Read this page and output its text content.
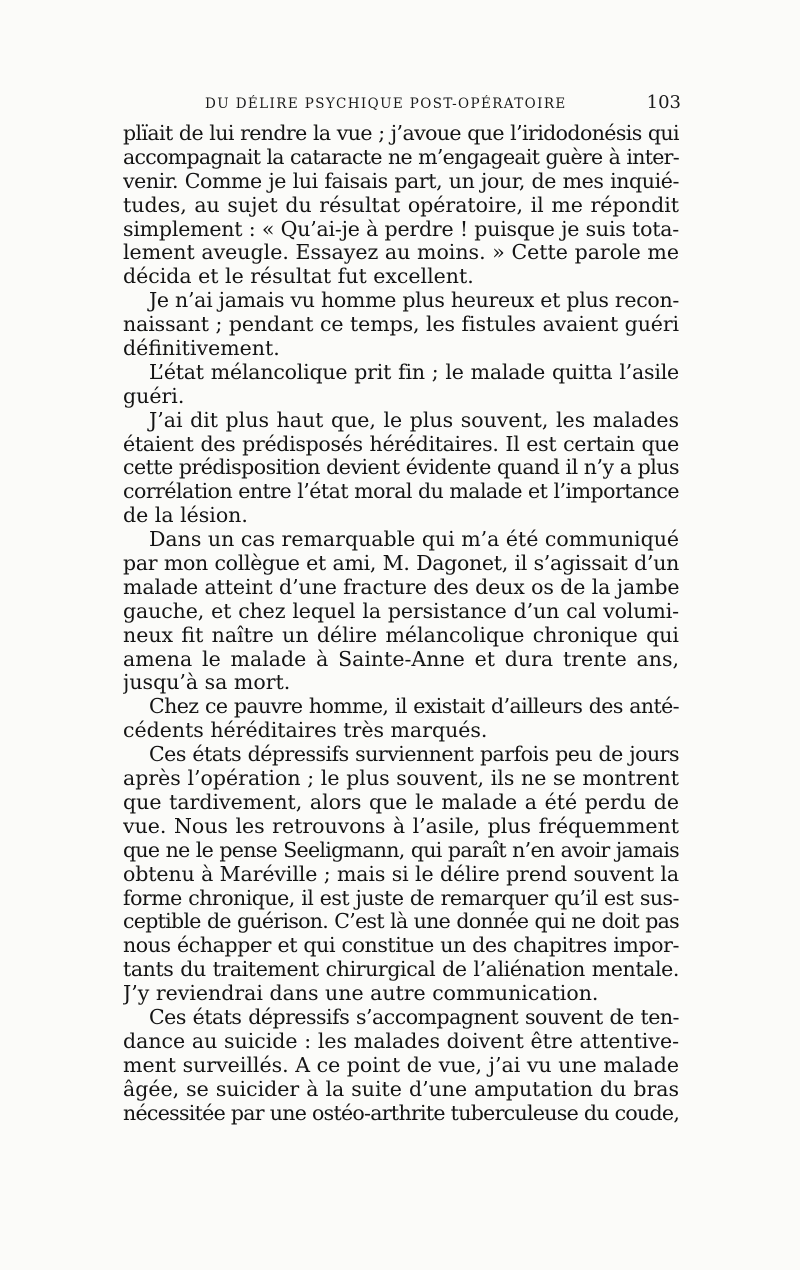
DU DÉLIRE PSYCHIQUE POST-OPÉRATOIRE	103
plïait de lui rendre la vue ; j’avoue que l’iridodonésis qui
accompagnait la cataracte ne m’engageait guère à inter-
venir. Comme je lui faisais part, un jour, de mes inquié-
tudes, au sujet du résultat opératoire, il me répondit
simplement : « Qu’ai-je à perdre ! puisque je suis tota-
lement aveugle. Essayez au moins. » Cette parole me
décida et le résultat fut excellent.
Je n’ai jamais vu homme plus heureux et plus recon-
naissant ; pendant ce temps, les fistules avaient guéri
définitivement.
L’état mélancolique prit fin ; le malade quitta l’asile
guéri.
J’ai dit plus haut que, le plus souvent, les malades
étaient des prédisposés héréditaires. Il est certain que
cette prédisposition devient évidente quand il n’y a plus
corrélation entre l’état moral du malade et l’importance
de la lésion.
Dans un cas remarquable qui m’a été communiqué
par mon collègue et ami, M. Dagonet, il s’agissait d’un
malade atteint d’une fracture des deux os de la jambe
gauche, et chez lequel la persistance d’un cal volumi-
neux fit naître un délire mélancolique chronique qui
amena le malade à Sainte-Anne et dura trente ans,
jusqu’à sa mort.
Chez ce pauvre homme, il existait d’ailleurs des anté-
cédents héréditaires très marqués.
Ces états dépressifs surviennent parfois peu de jours
après l’opération ; le plus souvent, ils ne se montrent
que tardivement, alors que le malade a été perdu de
vue. Nous les retrouvons à l’asile, plus fréquemment
que ne le pense Seeligmann, qui paraît n’en avoir jamais
obtenu à Maréville ; mais si le délire prend souvent la
forme chronique, il est juste de remarquer qu’il est sus-
ceptible de guérison. C’est là une donnée qui ne doit pas
nous échapper et qui constitue un des chapitres impor-
tants du traitement chirurgical de l’aliénation mentale.
J’y reviendrai dans une autre communication.
Ces états dépressifs s’accompagnent souvent de ten-
dance au suicide : les malades doivent être attentive-
ment surveillés. A ce point de vue, j’ai vu une malade
âgée, se suicider à la suite d’une amputation du bras
nécessitée par une ostéo-arthrite tuberculeuse du coude,
